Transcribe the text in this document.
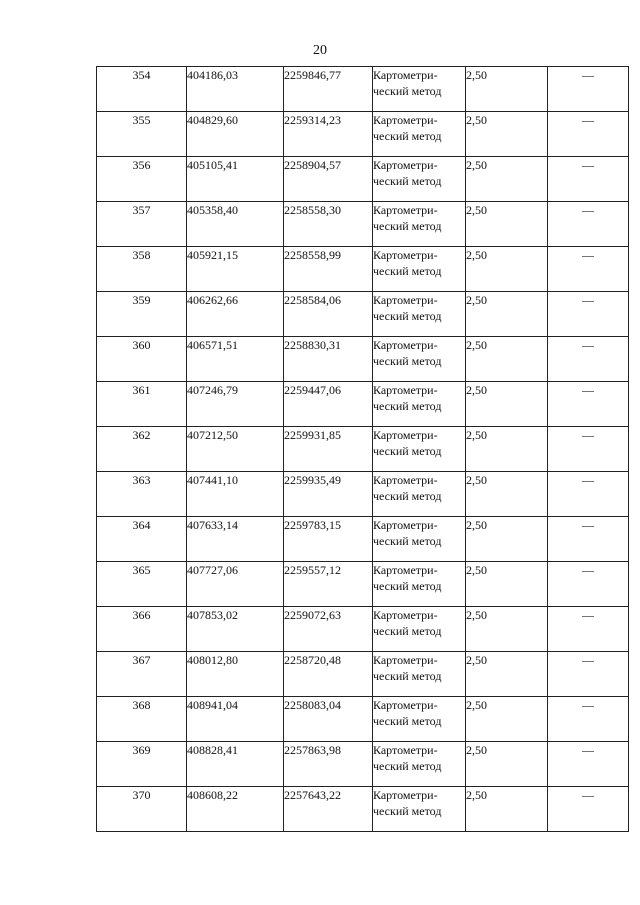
20
354	404186,03	2259846,77	Картометри-
ческий метод	2,50	—
355	404829,60	2259314,23	Картометри-
ческий метод	2,50	—
356	405105,41	2258904,57	Картометри-
ческий метод	2,50	—
357	405358,40	2258558,30	Картометри-
ческий метод	2,50	—
358	405921,15	2258558,99	Картометри-
ческий метод	2,50	—
359	406262,66	2258584,06	Картометри-
ческий метод	2,50	—
360	406571,51	2258830,31	Картометри-
ческий метод	2,50	—
361	407246,79	2259447,06	Картометри-
ческий метод	2,50	—
362	407212,50	2259931,85	Картометри-
ческий метод	2,50	—
363	407441,10	2259935,49	Картометри-
ческий метод	2,50	—
364	407633,14	2259783,15	Картометри-
ческий метод	2,50	—
365	407727,06	2259557,12	Картометри-
ческий метод	2,50	—
366	407853,02	2259072,63	Картометри-
ческий метод	2,50	—
367	408012,80	2258720,48	Картометри-
ческий метод	2,50	—
368	408941,04	2258083,04	Картометри-
ческий метод	2,50	—
369	408828,41	2257863,98	Картометри-
ческий метод	2,50	—
370	408608,22	2257643,22	Картометри-
ческий метод	2,50	—
